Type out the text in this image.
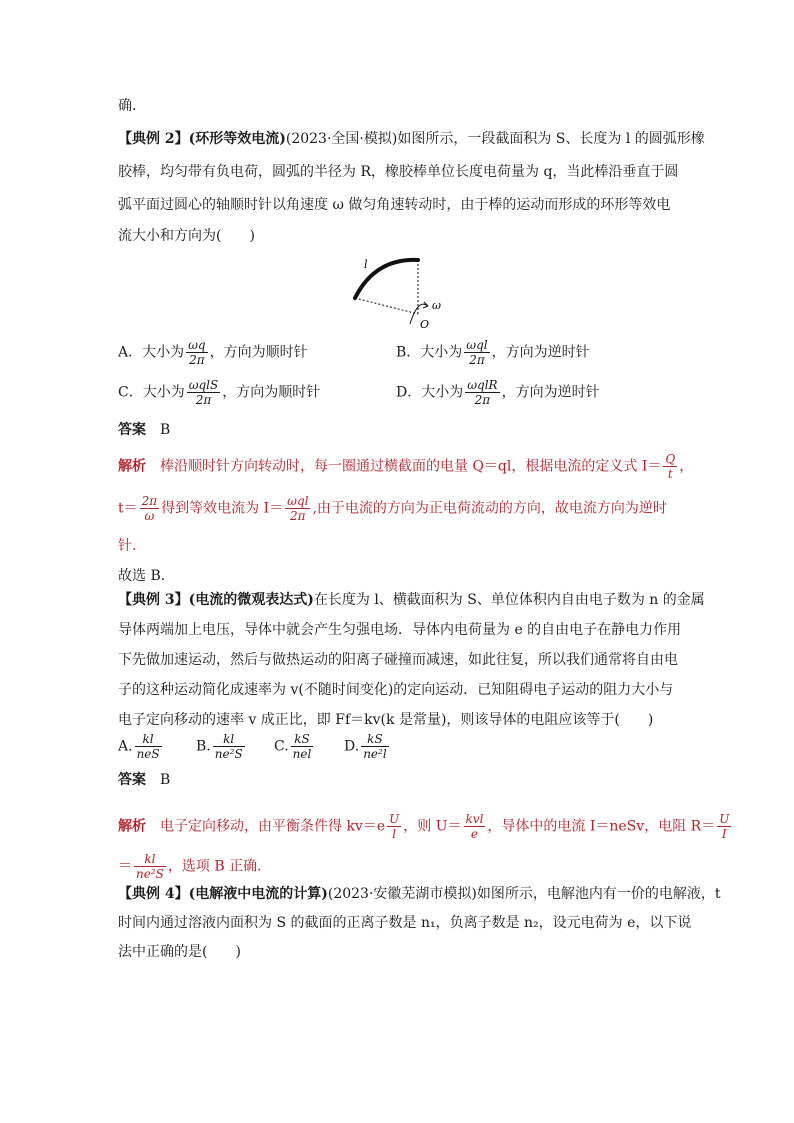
确.
【典例 2】(环形等效电流)(2023·全国·模拟)如图所示，一段截面积为 S、长度为 l 的圆弧形橡
胶棒，均匀带有负电荷，圆弧的半径为 R，橡胶棒单位长度电荷量为 q，当此棒沿垂直于圆
弧平面过圆心的轴顺时针以角速度 ω 做匀角速转动时，由于棒的运动而形成的环形等效电
流大小和方向为(　　)
l
ω
O
A．大小为 $\frac{\omega q}{2\pi}$ ，方向为顺时针	B．大小为 $\frac{\text{ωql}}{2\pi}$ ，方向为逆时针
C．大小为 $\frac{\text{ωqlS}}{2\pi}$ ，方向为顺时针	D．大小为 $\frac{\text{ωqlR}}{2\pi}$ ，方向为逆时针
答案　 B
解析　 棒沿顺时针方向转动时，每一圈通过横截面的电量 Q＝ql，根据电流的定义式 $I= \frac{Q}{t}$ ，
$t= \frac{2\pi}{\omega}$ 得到等效电流为 $I= \frac{\text{ωql}}{2\pi}$ ,由于电流的方向为正电荷流动的方向，故电流方向为逆时
针.
故选 B.
【典例 3】(电流的微观表达式)在长度为 l、横截面积为 S、单位体积内自由电子数为 n 的金属
导体两端加上电压，导体中就会产生匀强电场．导体内电荷量为 e 的自由电子在静电力作用
下先做加速运动，然后与做热运动的阳离子碰撞而减速，如此往复，所以我们通常将自由电
子的这种运动简化成速率为 v(不随时间变化)的定向运动．已知阻碍电子运动的阻力大小与
电子定向移动的速率 v 成正比，即 Ff＝kv(k 是常量)，则该导体的电阻应该等于(　　)
A. $\frac{kl}{\text{neS}} B$. $\frac{kl}{\text{ne²S}} C$. $\frac{kS}{\text{nel}} D$. $\frac{kS}{\text{ne²l}}$
答案　 B
解析　 电子定向移动，由平衡条件得 $kv=e \frac{U}{l}$ ，则 $U= \frac{\text{kvl}}{e}$ ，导体中的电流 I＝neSv，电阻 $R= \frac{U}{I}$
＝ $\frac{kl}{\text{ne²S}}$ ，选项 B 正确．
【典例 4】(电解液中电流的计算)(2023·安徽芜湖市模拟)如图所示，电解池内有一价的电解液，t
时间内通过溶液内面积为 S 的截面的正离子数是 n₁，负离子数是 n₂，设元电荷为 e，以下说
法中正确的是(　　)
